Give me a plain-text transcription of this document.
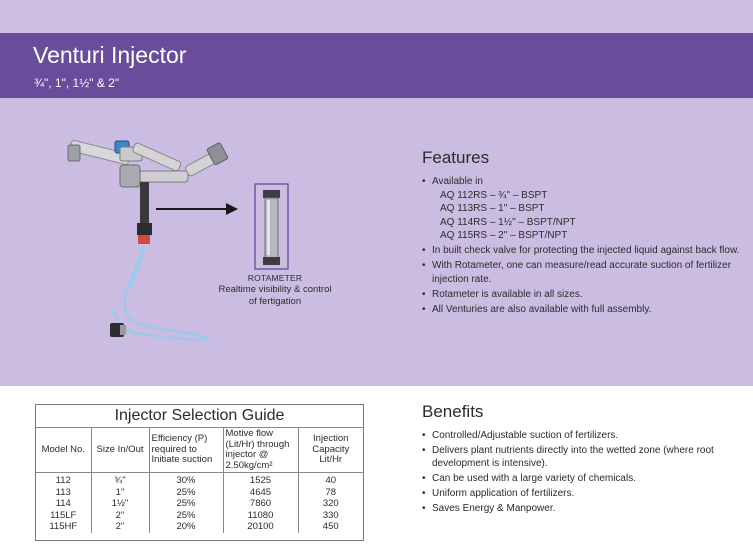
Venturi Injector
¾", 1", 1½" & 2"
ROTAMETER
Realtime visibility & control
of fertigation
Features
• Available in
AQ 112RS – ¾" – BSPT
AQ 113RS – 1" – BSPT
AQ 114RS – 1½" – BSPT/NPT
AQ 115RS – 2" – BSPT/NPT
• In built check valve for protecting the injected liquid against back flow.
• With Rotameter, one can measure/read accurate suction of fertilizer injection rate.
• Rotameter is available in all sizes.
• All Venturies are also available with full assembly.
Injector Selection Guide
Model No.	Size In/Out	Efficiency (P) required to Initiate suction	Motive flow (Lit/Hr) through injector @ 2.50kg/cm²	Injection Capacity Lit/Hr
112	¾"	30%	1525	40
113	1"	25%	4645	78
114	1½"	25%	7860	320
115LF	2"	25%	11080	330
115HF	2"	20%	20100	450
Benefits
• Controlled/Adjustable suction of fertilizers.
• Delivers plant nutrients directly into the wetted zone (where root development is intensive).
• Can be used with a large variety of chemicals.
• Uniform application of fertilizers.
• Saves Energy & Manpower.
